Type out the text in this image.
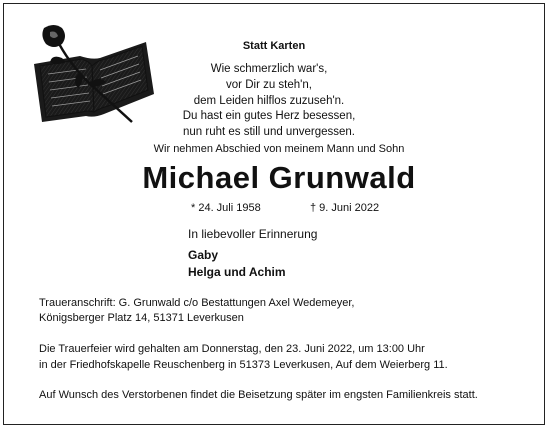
Statt Karten
Wie schmerzlich war's,
vor Dir zu steh'n,
dem Leiden hilflos zuzuseh'n.
Du hast ein gutes Herz besessen,
nun ruht es still und unvergessen.
Wir nehmen Abschied von meinem Mann und Sohn
Michael Grunwald
* 24. Juli 1958	† 9. Juni 2022
In liebevoller Erinnerung
Gaby
Helga und Achim
Traueranschrift: G. Grunwald c/o Bestattungen Axel Wedemeyer,
Königsberger Platz 14, 51371 Leverkusen
Die Trauerfeier wird gehalten am Donnerstag, den 23. Juni 2022, um 13:00 Uhr
in der Friedhofskapelle Reuschenberg in 51373 Leverkusen, Auf dem Weierberg 11.
Auf Wunsch des Verstorbenen findet die Beisetzung später im engsten Familienkreis statt.
